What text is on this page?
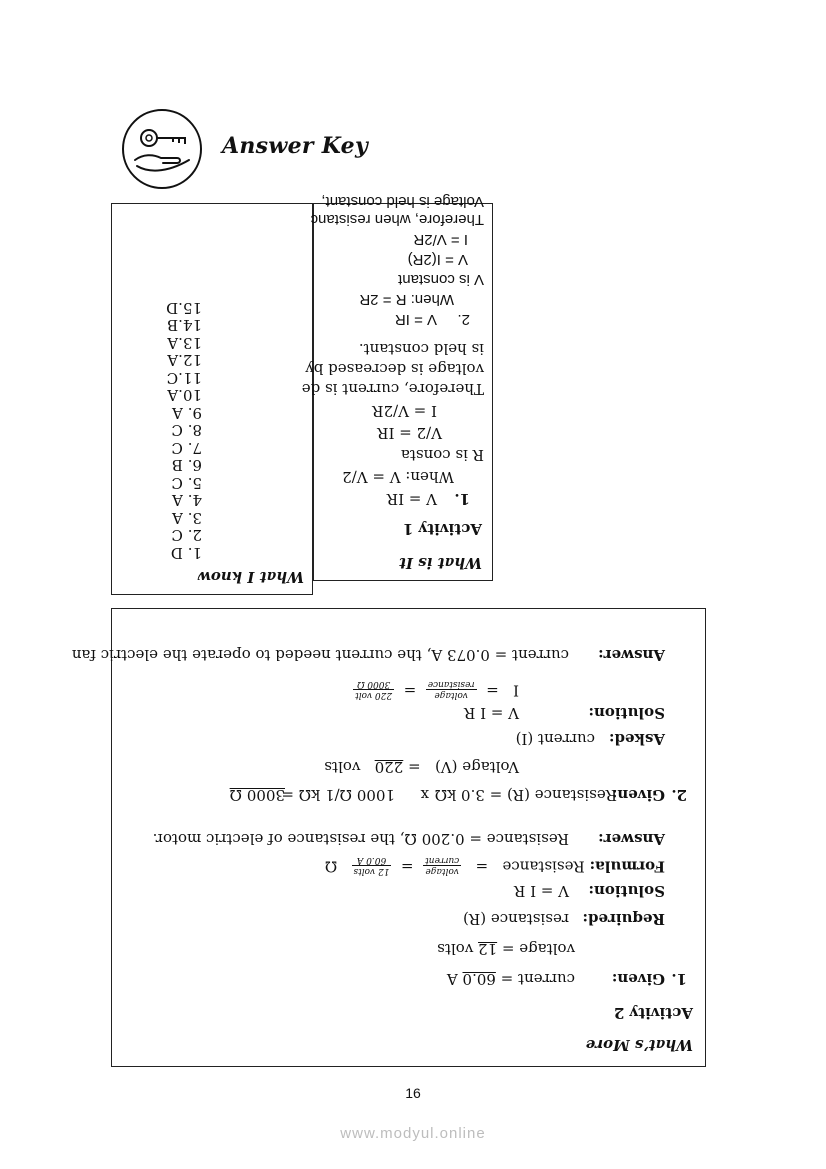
Answer Key
What I know
1. D
2. C
3. A
4. A
5. C
6. B
7. C
8. C
9. A
10.A
11.C
12.A
13.A
14.B
15.D
What is It
Activity 1
1.
V = IR
When: V = V/2
R is consta
V/2 = IR
I = V/2R
Therefore, current is de
voltage is decreased by
is held constant.
2.
V = IR
When: R = 2R
V is constant
V = I(2R)
I = V/2R
Therefore, when resistanc
Voltage is held constant,
What’s More
Activity 2
1.
Given:
current = 60.0 A
voltage = 12 volts
Required:
resistance (R)
Solution:
V = I R
Formula: Resistance   =
voltage
current
=
12 volts
60.0 A
Ω
Answer:
Resistance = 0.200 Ω, the resistance of electric motor.
2.
Given:
Resistance (R) = 3.0 kΩ
x
1000 Ω/1 kΩ =
3000 Ω
Voltage (V)   = 220   volts
Asked:
current (I)
Solution:
V = I R
I   =
voltage
resistance
=
220 volt
3000 Ω
Answer:
current = 0.073 A, the current needed to operate the electric fan
16
www.modyul.online
